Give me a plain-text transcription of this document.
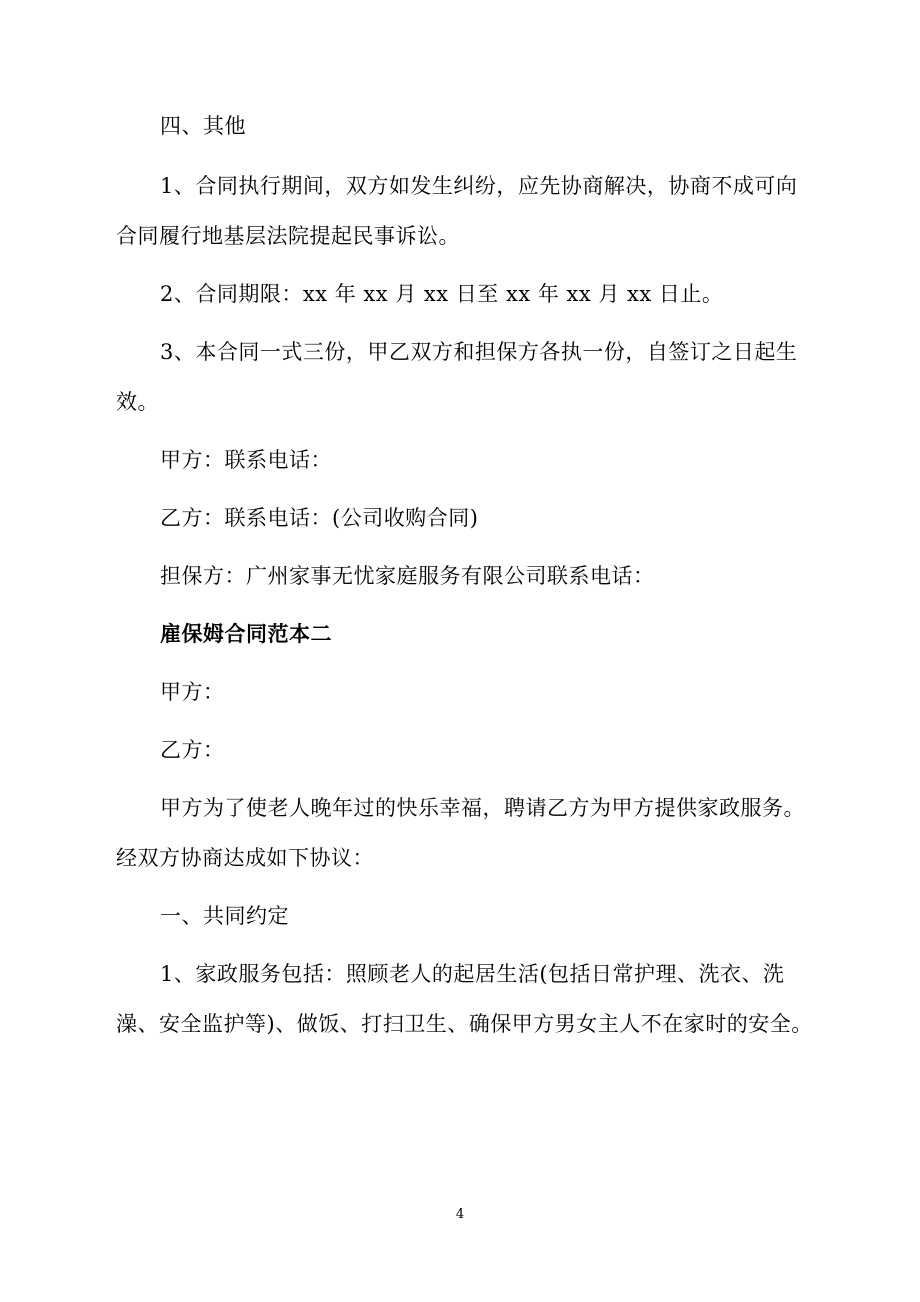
四、其他
1、合同执行期间，双方如发生纠纷，应先协商解决，协商不成可向
合同履行地基层法院提起民事诉讼。
2、合同期限：xx 年 xx 月 xx 日至 xx 年 xx 月 xx 日止。
3、本合同一式三份，甲乙双方和担保方各执一份，自签订之日起生
效。
甲方：联系电话：
乙方：联系电话：(公司收购合同)
担保方：广州家事无忧家庭服务有限公司联系电话：
雇保姆合同范本二
甲方：
乙方：
甲方为了使老人晚年过的快乐幸福，聘请乙方为甲方提供家政服务。
经双方协商达成如下协议：
一、共同约定
1、家政服务包括：照顾老人的起居生活(包括日常护理、洗衣、洗
澡、安全监护等)、做饭、打扫卫生、确保甲方男女主人不在家时的安全。
4
